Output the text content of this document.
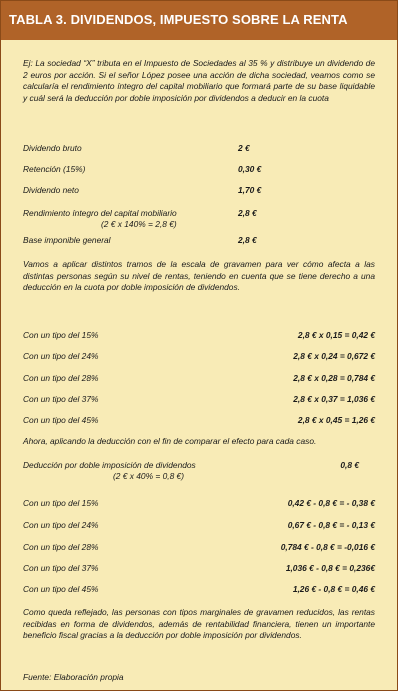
TABLA 3. DIVIDENDOS, IMPUESTO SOBRE LA RENTA
Ej: La sociedad “X” tributa en el Impuesto de Sociedades al 35 % y distribuye un dividendo de 2 euros por acción. Si el señor López posee una acción de dicha sociedad, veamos como se calcularía el rendimiento íntegro del capital mobiliario que formará parte de su base liquidable y cuál será la deducción por doble imposición por dividendos a deducir en la cuota
Dividendo bruto	2 €
Retención (15%)	0,30 €
Dividendo neto	1,70 €
Rendimiento íntegro del capital mobiliario	2,8 €
(2 € x 140% = 2,8 €)
Base imponible general	2,8 €
Vamos a aplicar distintos tramos de la escala de gravamen para ver cómo afecta a las distintas personas según su nivel de rentas, teniendo en cuenta que se tiene derecho a una deducción en la cuota por doble imposición de dividendos.
Con un tipo del 15%	2,8 € x 0,15 = 0,42 €
Con un tipo del 24%	2,8 € x 0,24 = 0,672 €
Con un tipo del 28%	2,8 € x 0,28 = 0,784 €
Con un tipo del 37%	2,8 € x 0,37 = 1,036 €
Con un tipo del 45%	2,8 € x 0,45 = 1,26 €
Ahora, aplicando la deducción con el fin de comparar el efecto para cada caso.
Deducción por doble imposición de dividendos	0,8 €
(2 € x 40% = 0,8 €)
Con un tipo del 15%	0,42 € - 0,8 € = - 0,38 €
Con un tipo del 24%	0,67 € - 0,8 € = - 0,13 €
Con un tipo del 28%	0,784 € - 0,8 € = -0,016 €
Con un tipo del 37%	1,036 € - 0,8 € = 0,236€
Con un tipo del 45%	1,26 € - 0,8 € = 0,46 €
Como queda reflejado, las personas con tipos marginales de gravamen reducidos, las rentas recibidas en forma de dividendos, además de rentabilidad financiera, tienen un importante beneficio fiscal gracias a la deducción por doble imposición por dividendos.
Fuente: Elaboración propia
